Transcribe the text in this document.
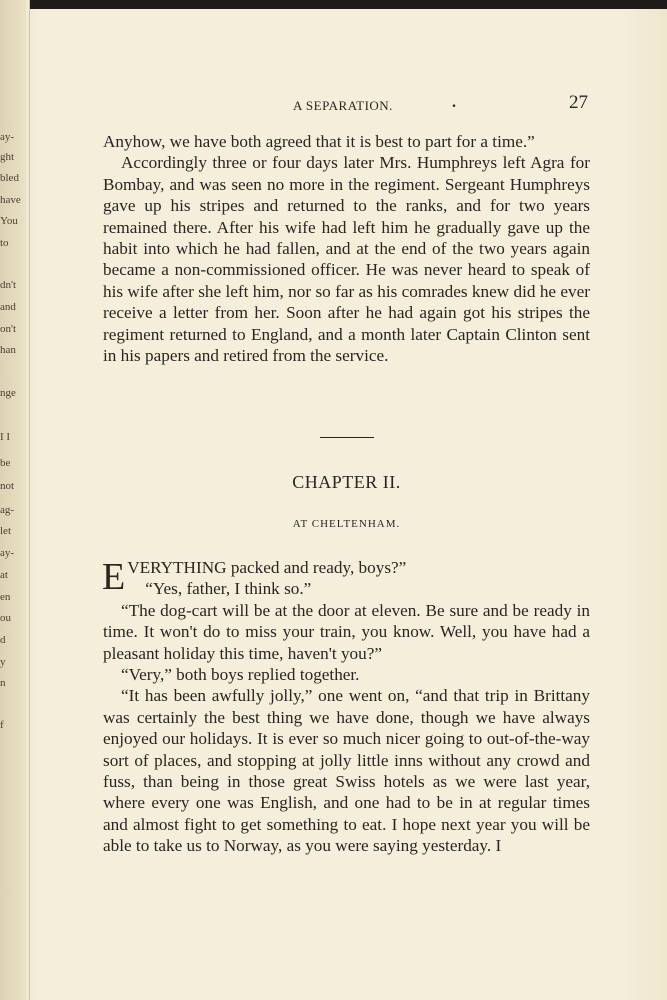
ay-
ght
bled
have
You
to
dn't
and
on't
han
nge
I I
be
not
ag-
let
ay-
at
en
ou
d
y
n
f
A SEPARATION.	.	27

Anyhow, we have both agreed that it is best to part for a time.”

Accordingly three or four days later Mrs. Humphreys left Agra for Bombay, and was seen no more in the regiment. Sergeant Humphreys gave up his stripes and returned to the ranks, and for two years remained there. After his wife had left him he gradually gave up the habit into which he had fallen, and at the end of the two years again became a non-commissioned officer. He was never heard to speak of his wife after she left him, nor so far as his comrades knew did he ever receive a letter from her. Soon after he had again got his stripes the regiment returned to England, and a month later Captain Clinton sent in his papers and retired from the service.

CHAPTER II.
AT CHELTENHAM.

EVERYTHING packed and ready, boys?”

“Yes, father, I think so.”

“The dog-cart will be at the door at eleven. Be sure and be ready in time. It won't do to miss your train, you know. Well, you have had a pleasant holiday this time, haven't you?”

“Very,” both boys replied together.

“It has been awfully jolly,” one went on, “and that trip in Brittany was certainly the best thing we have done, though we have always enjoyed our holidays. It is ever so much nicer going to out-of-the-way sort of places, and stopping at jolly little inns without any crowd and fuss, than being in those great Swiss hotels as we were last year, where every one was English, and one had to be in at regular times and almost fight to get something to eat. I hope next year you will be able to take us to Norway, as you were saying yesterday. I
